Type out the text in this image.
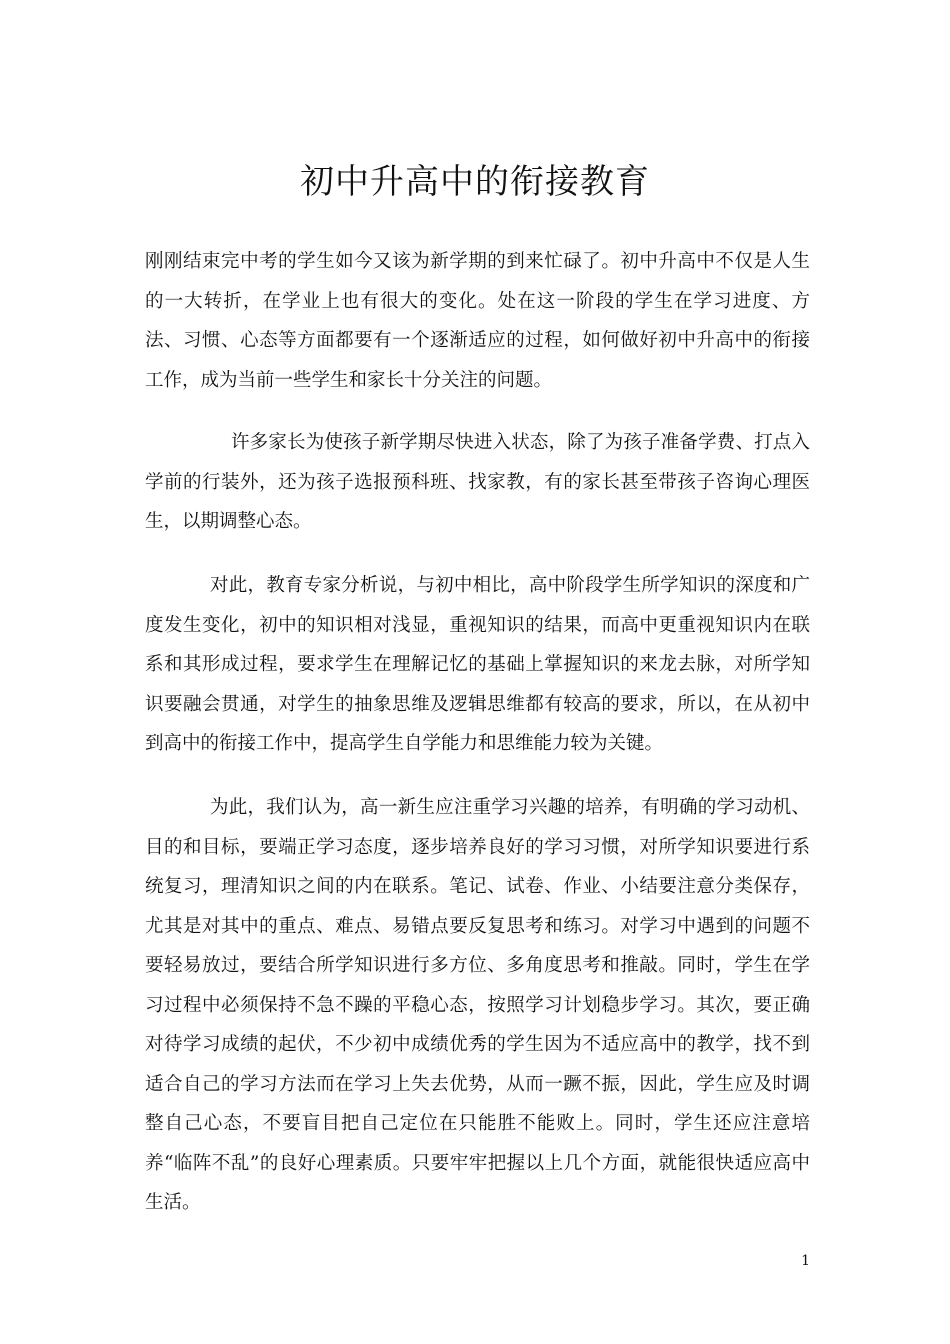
初中升高中的衔接教育

刚刚结束完中考的学生如今又该为新学期的到来忙碌了。初中升高中不仅是人生的一大转折，在学业上也有很大的变化。处在这一阶段的学生在学习进度、方法、习惯、心态等方面都要有一个逐渐适应的过程，如何做好初中升高中的衔接工作，成为当前一些学生和家长十分关注的问题。

许多家长为使孩子新学期尽快进入状态，除了为孩子准备学费、打点入学前的行装外，还为孩子选报预科班、找家教，有的家长甚至带孩子咨询心理医生，以期调整心态。

对此，教育专家分析说，与初中相比，高中阶段学生所学知识的深度和广度发生变化，初中的知识相对浅显，重视知识的结果，而高中更重视知识内在联系和其形成过程，要求学生在理解记忆的基础上掌握知识的来龙去脉，对所学知识要融会贯通，对学生的抽象思维及逻辑思维都有较高的要求，所以，在从初中到高中的衔接工作中，提高学生自学能力和思维能力较为关键。

为此，我们认为，高一新生应注重学习兴趣的培养，有明确的学习动机、目的和目标，要端正学习态度，逐步培养良好的学习习惯，对所学知识要进行系统复习，理清知识之间的内在联系。笔记、试卷、作业、小结要注意分类保存，尤其是对其中的重点、难点、易错点要反复思考和练习。对学习中遇到的问题不要轻易放过，要结合所学知识进行多方位、多角度思考和推敲。同时，学生在学习过程中必须保持不急不躁的平稳心态，按照学习计划稳步学习。其次，要正确对待学习成绩的起伏，不少初中成绩优秀的学生因为不适应高中的教学，找不到适合自己的学习方法而在学习上失去优势，从而一蹶不振，因此，学生应及时调整自己心态，不要盲目把自己定位在只能胜不能败上。同时，学生还应注意培养“临阵不乱”的良好心理素质。只要牢牢把握以上几个方面，就能很快适应高中生活。

1
